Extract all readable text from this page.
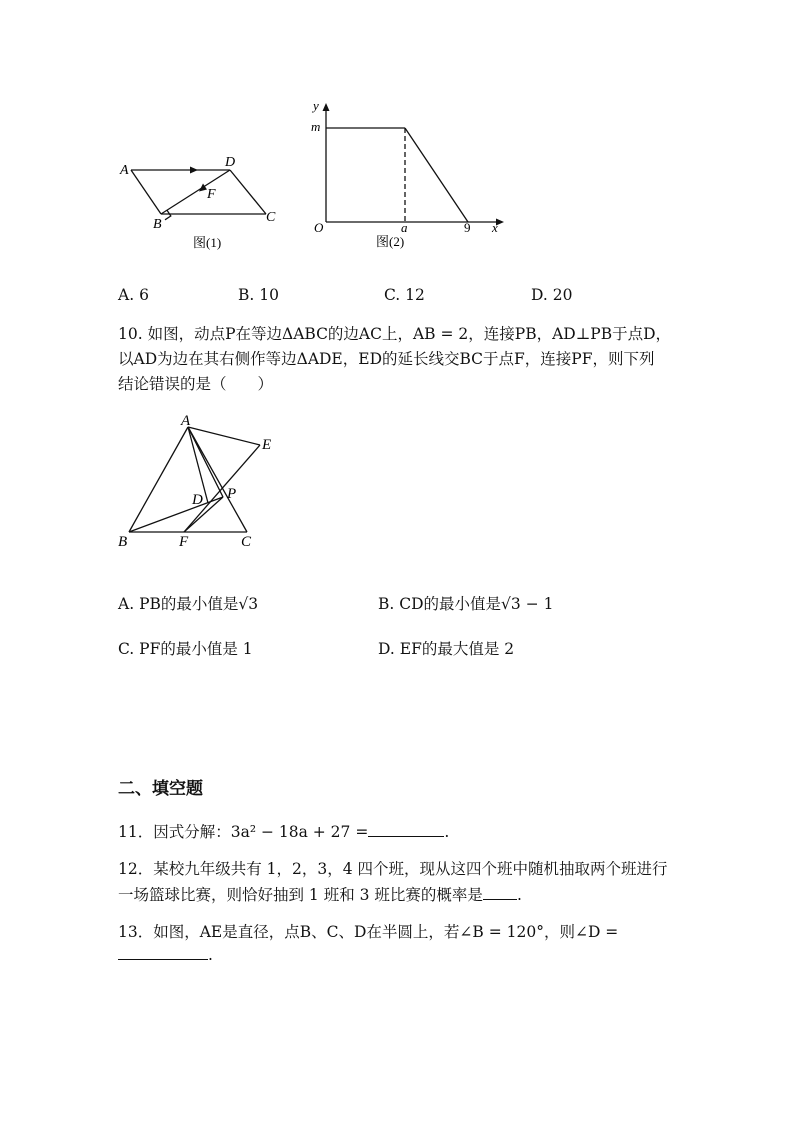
A
D
F
B	C
图(1)
y
m
O	a	9 x
图(2)
A. 6	B. 10	C. 12	D. 20
10. 如图，动点P在等边ΔABC的边AC上，AB = 2，连接PB，AD⊥PB于点D，
以AD为边在其右侧作等边ΔADE，ED的延长线交BC于点F，连接PF，则下列
结论错误的是（　　）
A
E
D P
B	F	C
A. PB的最小值是√3	B. CD的最小值是√3 − 1
C. PF的最小值是 1	D. EF的最大值是 2
二、填空题
11．因式分解：3a² − 18a + 27 =	.
12．某校九年级共有 1，2，3，4 四个班，现从这四个班中随机抽取两个班进行
一场篮球比赛，则恰好抽到 1 班和 3 班比赛的概率是 .
13．如图，AE是直径，点B、C、D在半圆上，若∠B = 120°，则∠D =
.
